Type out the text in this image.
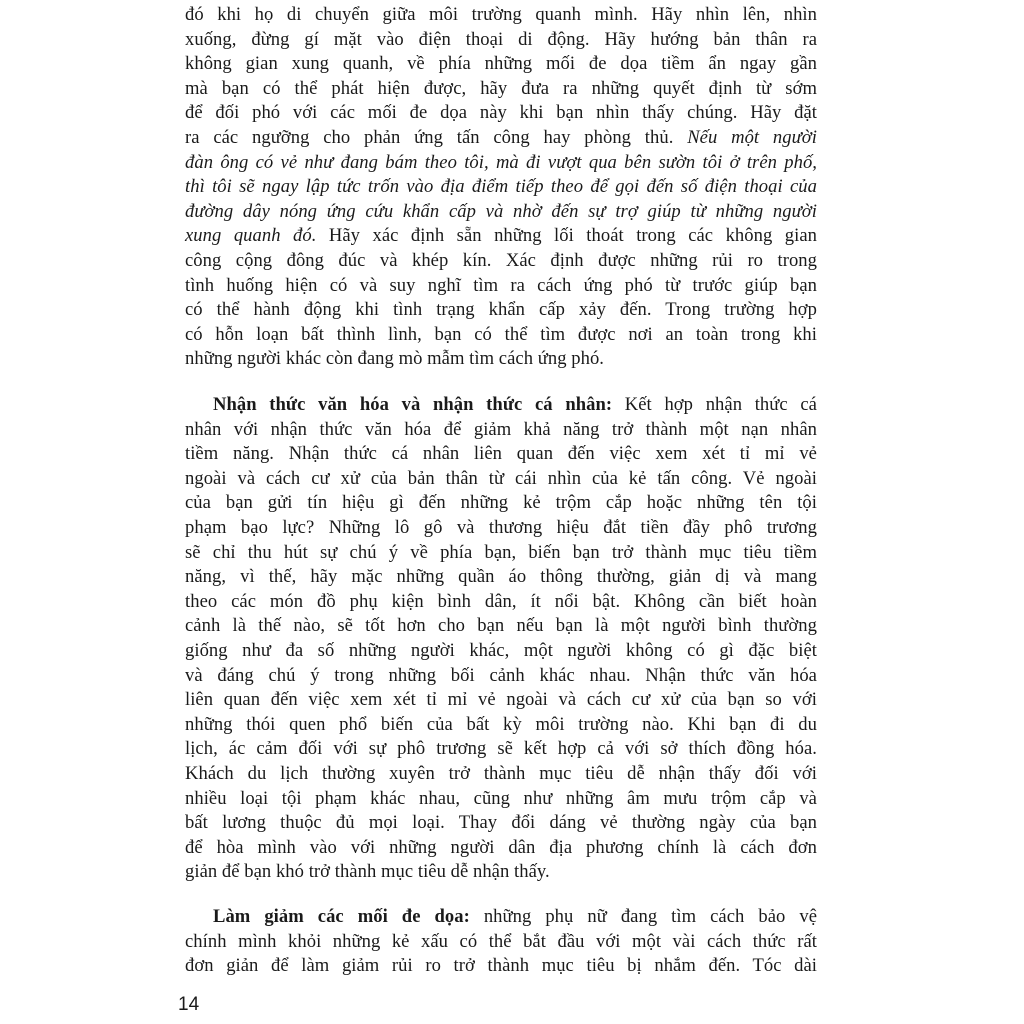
đó khi họ di chuyển giữa môi trường quanh mình. Hãy nhìn lên, nhìn
xuống, đừng gí mặt vào điện thoại di động. Hãy hướng bản thân ra
không gian xung quanh, về phía những mối đe dọa tiềm ẩn ngay gần
mà bạn có thể phát hiện được, hãy đưa ra những quyết định từ sớm
để đối phó với các mối đe dọa này khi bạn nhìn thấy chúng. Hãy đặt
ra các ngưỡng cho phản ứng tấn công hay phòng thủ. Nếu một người
đàn ông có vẻ như đang bám theo tôi, mà đi vượt qua bên sườn tôi ở trên phố,
thì tôi sẽ ngay lập tức trốn vào địa điểm tiếp theo để gọi đến số điện thoại của
đường dây nóng ứng cứu khẩn cấp và nhờ đến sự trợ giúp từ những người
xung quanh đó. Hãy xác định sẵn những lối thoát trong các không gian
công cộng đông đúc và khép kín. Xác định được những rủi ro trong
tình huống hiện có và suy nghĩ tìm ra cách ứng phó từ trước giúp bạn
có thể hành động khi tình trạng khẩn cấp xảy đến. Trong trường hợp
có hỗn loạn bất thình lình, bạn có thể tìm được nơi an toàn trong khi
những người khác còn đang mò mẫm tìm cách ứng phó.
Nhận thức văn hóa và nhận thức cá nhân: Kết hợp nhận thức cá
nhân với nhận thức văn hóa để giảm khả năng trở thành một nạn nhân
tiềm năng. Nhận thức cá nhân liên quan đến việc xem xét tỉ mỉ vẻ
ngoài và cách cư xử của bản thân từ cái nhìn của kẻ tấn công. Vẻ ngoài
của bạn gửi tín hiệu gì đến những kẻ trộm cắp hoặc những tên tội
phạm bạo lực? Những lô gô và thương hiệu đắt tiền đầy phô trương
sẽ chỉ thu hút sự chú ý về phía bạn, biến bạn trở thành mục tiêu tiềm
năng, vì thế, hãy mặc những quần áo thông thường, giản dị và mang
theo các món đồ phụ kiện bình dân, ít nổi bật. Không cần biết hoàn
cảnh là thế nào, sẽ tốt hơn cho bạn nếu bạn là một người bình thường
giống như đa số những người khác, một người không có gì đặc biệt
và đáng chú ý trong những bối cảnh khác nhau. Nhận thức văn hóa
liên quan đến việc xem xét tỉ mỉ vẻ ngoài và cách cư xử của bạn so với
những thói quen phổ biến của bất kỳ môi trường nào. Khi bạn đi du
lịch, ác cảm đối với sự phô trương sẽ kết hợp cả với sở thích đồng hóa.
Khách du lịch thường xuyên trở thành mục tiêu dễ nhận thấy đối với
nhiều loại tội phạm khác nhau, cũng như những âm mưu trộm cắp và
bất lương thuộc đủ mọi loại. Thay đổi dáng vẻ thường ngày của bạn
để hòa mình vào với những người dân địa phương chính là cách đơn
giản để bạn khó trở thành mục tiêu dễ nhận thấy.
Làm giảm các mối đe dọa: những phụ nữ đang tìm cách bảo vệ
chính mình khỏi những kẻ xấu có thể bắt đầu với một vài cách thức rất
đơn giản để làm giảm rủi ro trở thành mục tiêu bị nhắm đến. Tóc dài
14
